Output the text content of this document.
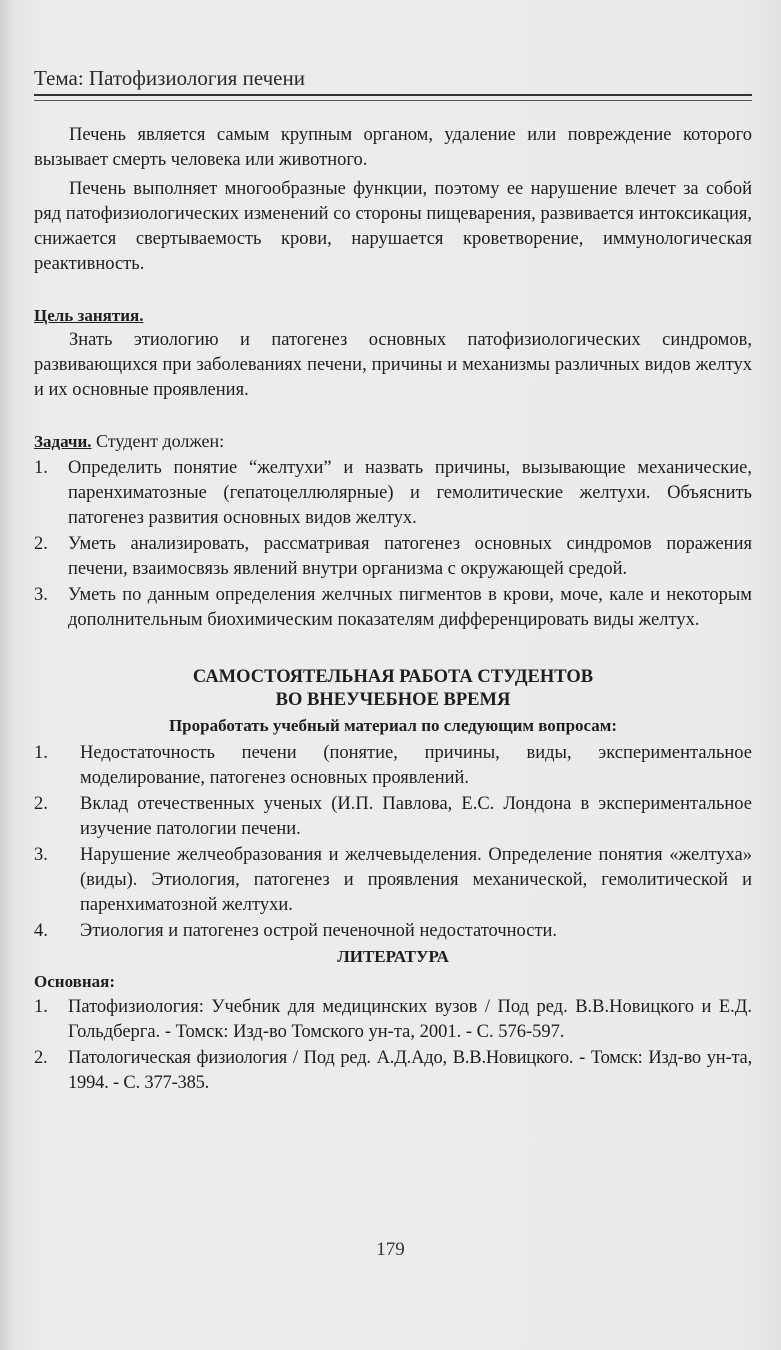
Тема: Патофизиология печени

Печень является самым крупным органом, удаление или повреждение которого вызывает смерть человека или животного.

Печень выполняет многообразные функции, поэтому ее нарушение влечет за собой ряд патофизиологических изменений со стороны пищеварения, развивается интоксикация, снижается свертываемость крови, нарушается кроветворение, иммунологическая реактивность.

Цель занятия.

Знать этиологию и патогенез основных патофизиологических синдромов, развивающихся при заболеваниях печени, причины и механизмы различных видов желтух и их основные проявления.

Задачи. Студент должен:
1. Определить понятие “желтухи” и назвать причины, вызывающие механические, паренхиматозные (гепатоцеллюлярные) и гемолитические желтухи. Объяснить патогенез развития основных видов желтух.
2. Уметь анализировать, рассматривая патогенез основных синдромов поражения печени, взаимосвязь явлений внутри организма с окружающей средой.
3. Уметь по данным определения желчных пигментов в крови, моче, кале и некоторым дополнительным биохимическим показателям дифференцировать виды желтух.
САМОСТОЯТЕЛЬНАЯ РАБОТА СТУДЕНТОВ
ВО ВНЕУЧЕБНОЕ ВРЕМЯ
Проработать учебный материал по следующим вопросам:
1. Недостаточность печени (понятие, причины, виды, экспериментальное моделирование, патогенез основных проявлений.
2. Вклад отечественных ученых (И.П. Павлова, Е.С. Лондона в экспериментальное изучение патологии печени.
3. Нарушение желчеобразования и желчевыделения. Определение понятия «желтуха» (виды). Этиология, патогенез и проявления механической, гемолитической и паренхиматозной желтухи.
4. Этиология и патогенез острой печеночной недостаточности.
ЛИТЕРАТУРА
Основная:
1. Патофизиология: Учебник для медицинских вузов / Под ред. В.В.Новицкого и Е.Д. Гольдберга. - Томск: Изд-во Томского ун-та, 2001. - С. 576-597.
2. Патологическая физиология / Под ред. А.Д.Адо, В.В.Новицкого. - Томск: Изд-во ун-та, 1994. - С. 377-385.
179
